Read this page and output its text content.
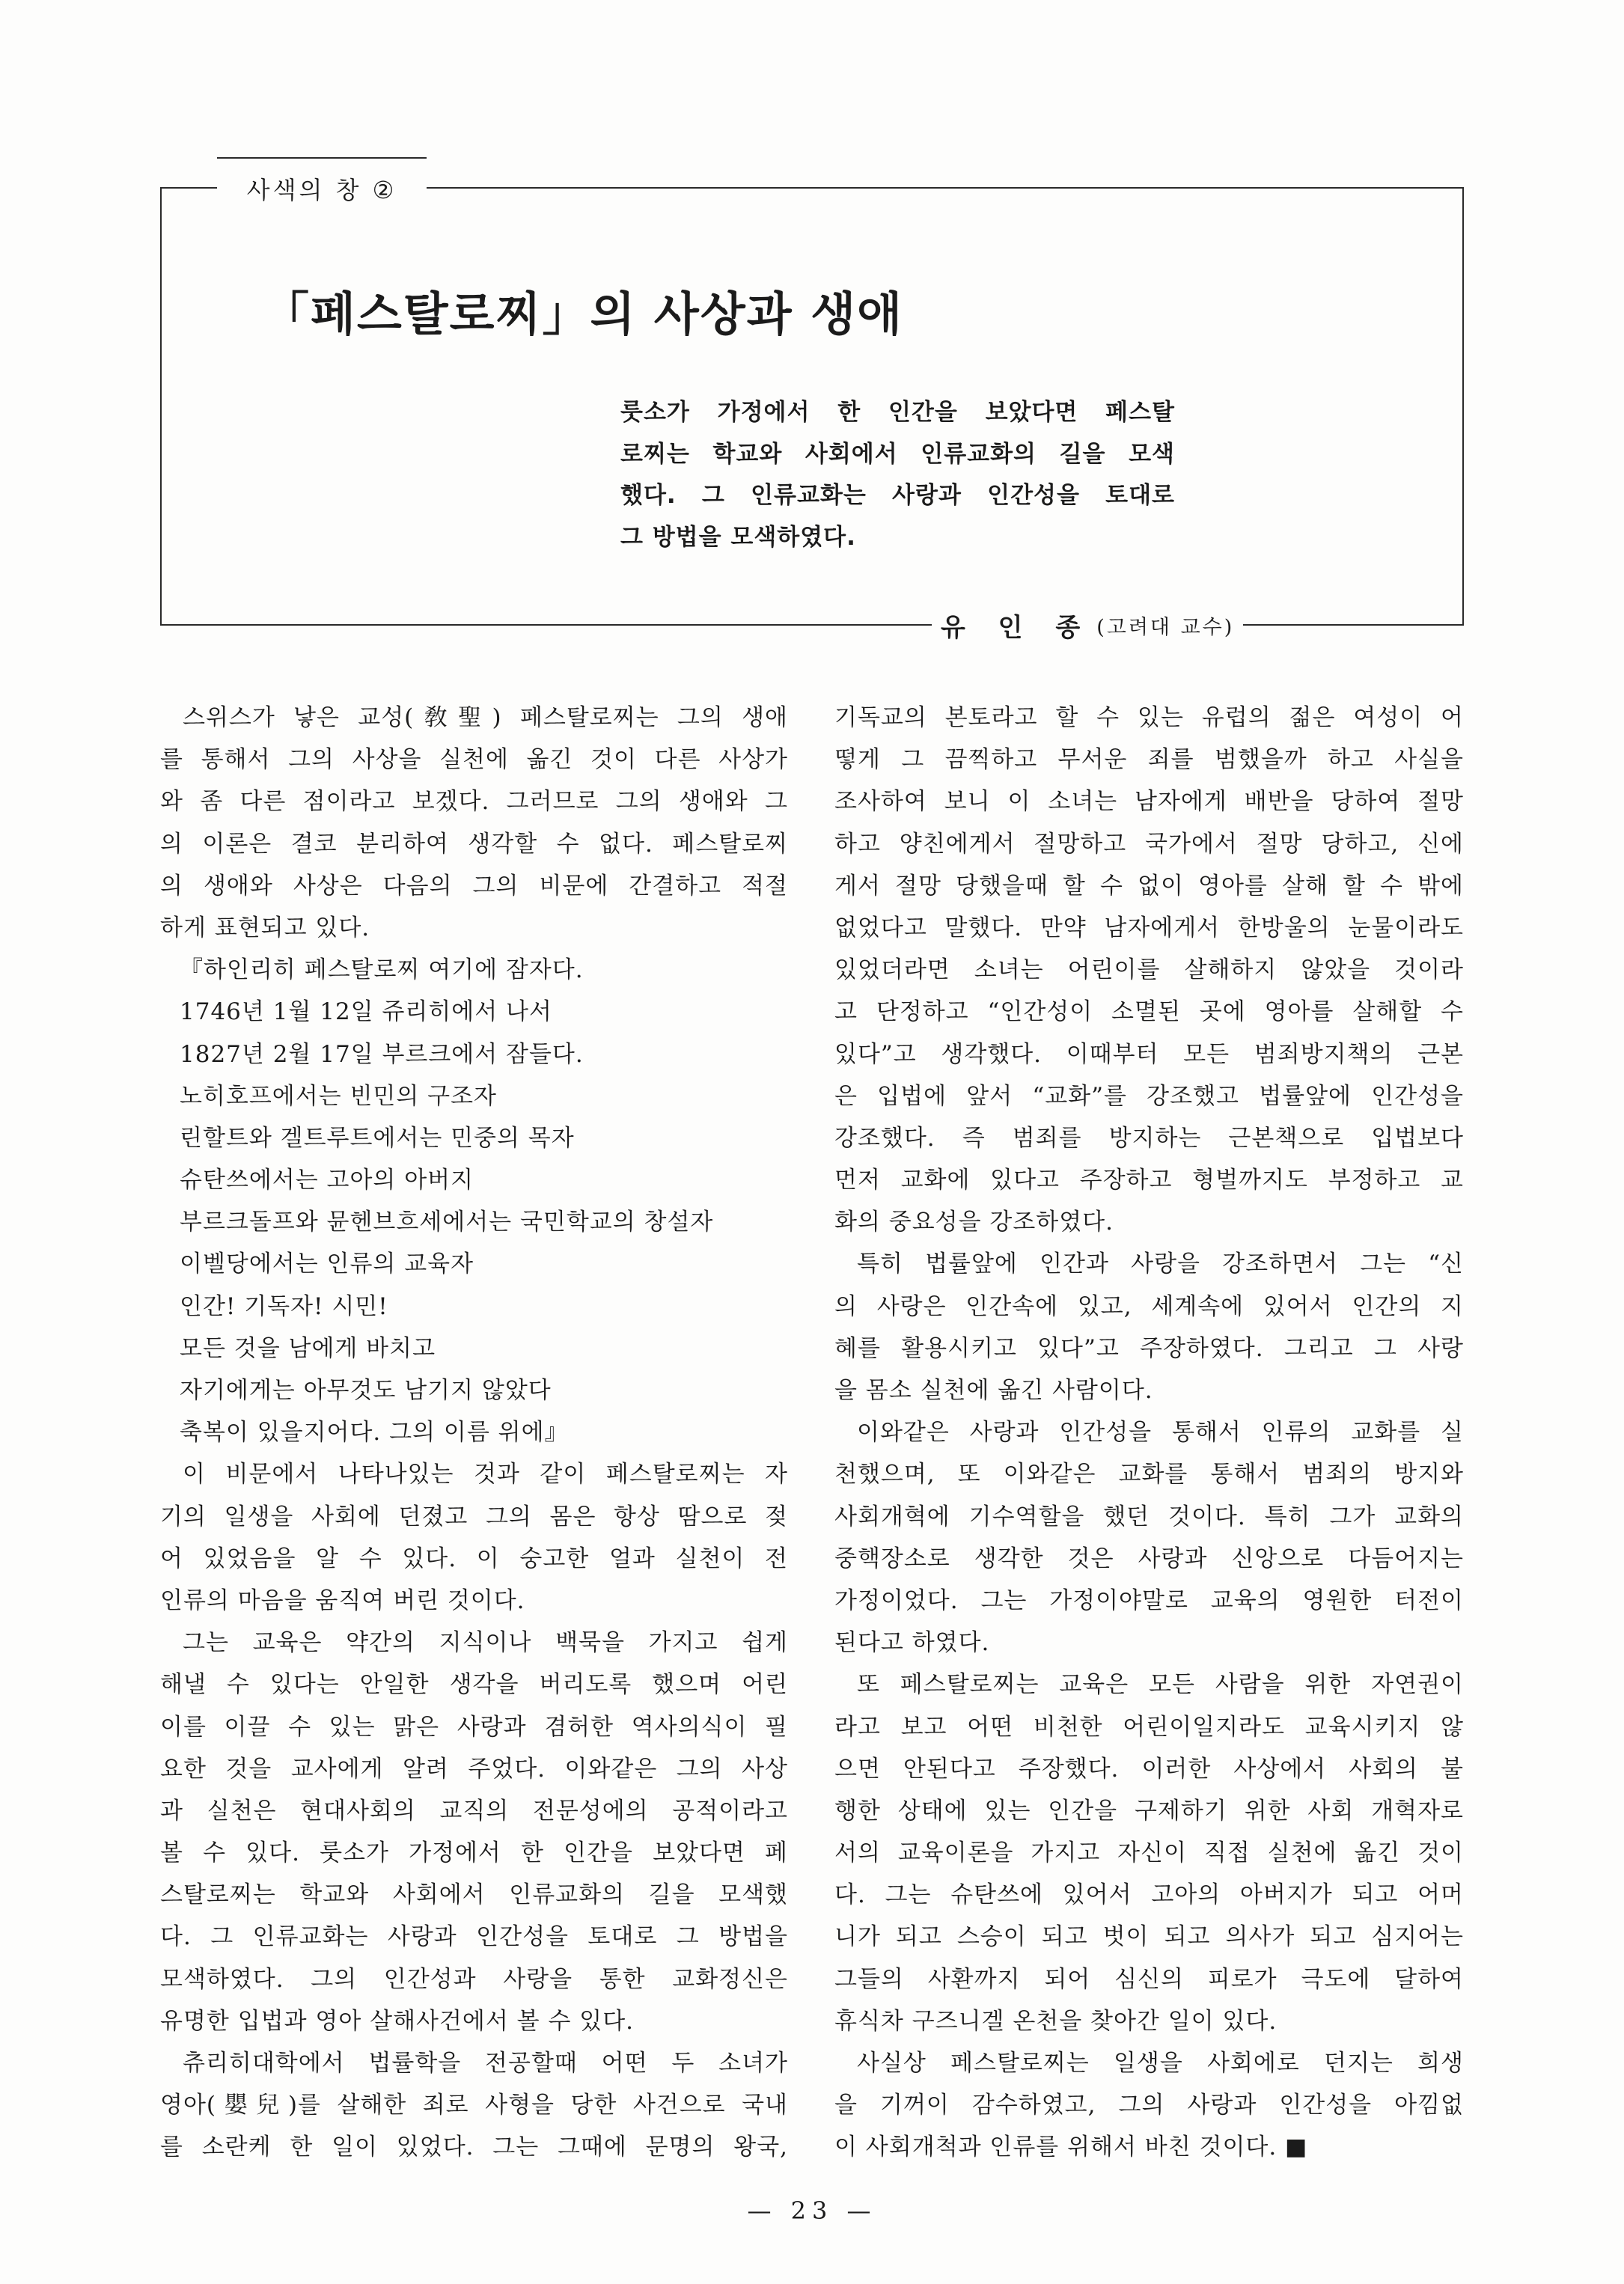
사색의 창 ②
「페스탈로찌」의 사상과 생애
룻소가 가정에서 한 인간을 보았다면 페스탈
로찌는 학교와 사회에서 인류교화의 길을 모색
했다. 그 인류교화는 사랑과 인간성을 토대로
그 방법을 모색하였다.
유 인 종 (고려대 교수)
스위스가 낳은 교성(敎聖) 페스탈로찌는 그의 생애
를 통해서 그의 사상을 실천에 옮긴 것이 다른 사상가
와 좀 다른 점이라고 보겠다. 그러므로 그의 생애와 그
의 이론은 결코 분리하여 생각할 수 없다. 페스탈로찌
의 생애와 사상은 다음의 그의 비문에 간결하고 적절
하게 표현되고 있다.
『하인리히 페스탈로찌 여기에 잠자다.
1746년 1월 12일 쥬리히에서 나서
1827년 2월 17일 부르크에서 잠들다.
노히호프에서는 빈민의 구조자
린할트와 겔트루트에서는 민중의 목자
슈탄쓰에서는 고아의 아버지
부르크돌프와 뮨헨브흐세에서는 국민학교의 창설자
이벨당에서는 인류의 교육자
인간! 기독자! 시민!
모든 것을 남에게 바치고
자기에게는 아무것도 남기지 않았다
축복이 있을지어다. 그의 이름 위에』
이 비문에서 나타나있는 것과 같이 페스탈로찌는 자
기의 일생을 사회에 던졌고 그의 몸은 항상 땀으로 젖
어 있었음을 알 수 있다. 이 숭고한 얼과 실천이 전
인류의 마음을 움직여 버린 것이다.
그는 교육은 약간의 지식이나 백묵을 가지고 쉽게
해낼 수 있다는 안일한 생각을 버리도록 했으며 어린
이를 이끌 수 있는 맑은 사랑과 겸허한 역사의식이 필
요한 것을 교사에게 알려 주었다. 이와같은 그의 사상
과 실천은 현대사회의 교직의 전문성에의 공적이라고
볼 수 있다. 룻소가 가정에서 한 인간을 보았다면 페
스탈로찌는 학교와 사회에서 인류교화의 길을 모색했
다. 그 인류교화는 사랑과 인간성을 토대로 그 방법을
모색하였다. 그의 인간성과 사랑을 통한 교화정신은
유명한 입법과 영아 살해사건에서 볼 수 있다.
츄리히대학에서 법률학을 전공할때 어떤 두 소녀가
영아(嬰兒)를 살해한 죄로 사형을 당한 사건으로 국내
를 소란케 한 일이 있었다. 그는 그때에 문명의 왕국,
기독교의 본토라고 할 수 있는 유럽의 젊은 여성이 어
떻게 그 끔찍하고 무서운 죄를 범했을까 하고 사실을
조사하여 보니 이 소녀는 남자에게 배반을 당하여 절망
하고 양친에게서 절망하고 국가에서 절망 당하고, 신에
게서 절망 당했을때 할 수 없이 영아를 살해 할 수 밖에
없었다고 말했다. 만약 남자에게서 한방울의 눈물이라도
있었더라면 소녀는 어린이를 살해하지 않았을 것이라
고 단정하고 “인간성이 소멸된 곳에 영아를 살해할 수
있다”고 생각했다. 이때부터 모든 범죄방지책의 근본
은 입법에 앞서 “교화”를 강조했고 법률앞에 인간성을
강조했다. 즉 범죄를 방지하는 근본책으로 입법보다
먼저 교화에 있다고 주장하고 형벌까지도 부정하고 교
화의 중요성을 강조하였다.
특히 법률앞에 인간과 사랑을 강조하면서 그는 “신
의 사랑은 인간속에 있고, 세계속에 있어서 인간의 지
혜를 활용시키고 있다”고 주장하였다. 그리고 그 사랑
을 몸소 실천에 옮긴 사람이다.
이와같은 사랑과 인간성을 통해서 인류의 교화를 실
천했으며, 또 이와같은 교화를 통해서 범죄의 방지와
사회개혁에 기수역할을 했던 것이다. 특히 그가 교화의
중핵장소로 생각한 것은 사랑과 신앙으로 다듬어지는
가정이었다. 그는 가정이야말로 교육의 영원한 터전이
된다고 하였다.
또 페스탈로찌는 교육은 모든 사람을 위한 자연권이
라고 보고 어떤 비천한 어린이일지라도 교육시키지 않
으면 안된다고 주장했다. 이러한 사상에서 사회의 불
행한 상태에 있는 인간을 구제하기 위한 사회 개혁자로
서의 교육이론을 가지고 자신이 직접 실천에 옮긴 것이
다. 그는 슈탄쓰에 있어서 고아의 아버지가 되고 어머
니가 되고 스승이 되고 벗이 되고 의사가 되고 심지어는
그들의 사환까지 되어 심신의 피로가 극도에 달하여
휴식차 구즈니겔 온천을 찾아간 일이 있다.
사실상 페스탈로찌는 일생을 사회에로 던지는 희생
을 기꺼이 감수하였고, 그의 사랑과 인간성을 아낌없
이 사회개척과 인류를 위해서 바친 것이다. ■
— 23 —
